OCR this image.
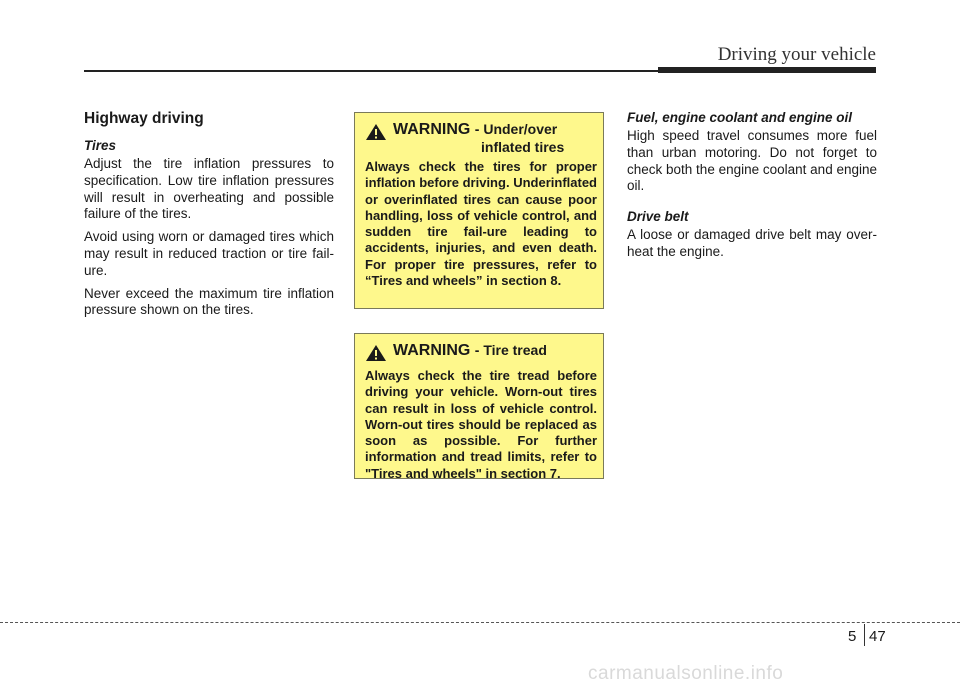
Driving your vehicle
Highway driving
Tires

Adjust the tire inflation pressures to specification. Low tire inflation pressures will result in overheating and possible failure of the tires.

Avoid using worn or damaged tires which may result in reduced traction or tire fail-ure.

Never exceed the maximum tire inflation pressure shown on the tires.

WARNING - Under/over
inflated tires

Always check the tires for proper inflation before driving. Underinflated or overinflated tires can cause poor handling, loss of vehicle control, and sudden tire fail-ure leading to accidents, injuries, and even death. For proper tire pressures, refer to “Tires and wheels” in section 8.

WARNING - Tire tread

Always check the tire tread before driving your vehicle. Worn-out tires can result in loss of vehicle control. Worn-out tires should be replaced as soon as possible. For further information and tread limits, refer to "Tires and wheels" in section 7.

Fuel, engine coolant and engine oil

High speed travel consumes more fuel than urban motoring. Do not forget to check both the engine coolant and engine oil.

Drive belt

A loose or damaged drive belt may over-heat the engine.

5 47
carmanualsonline.info
